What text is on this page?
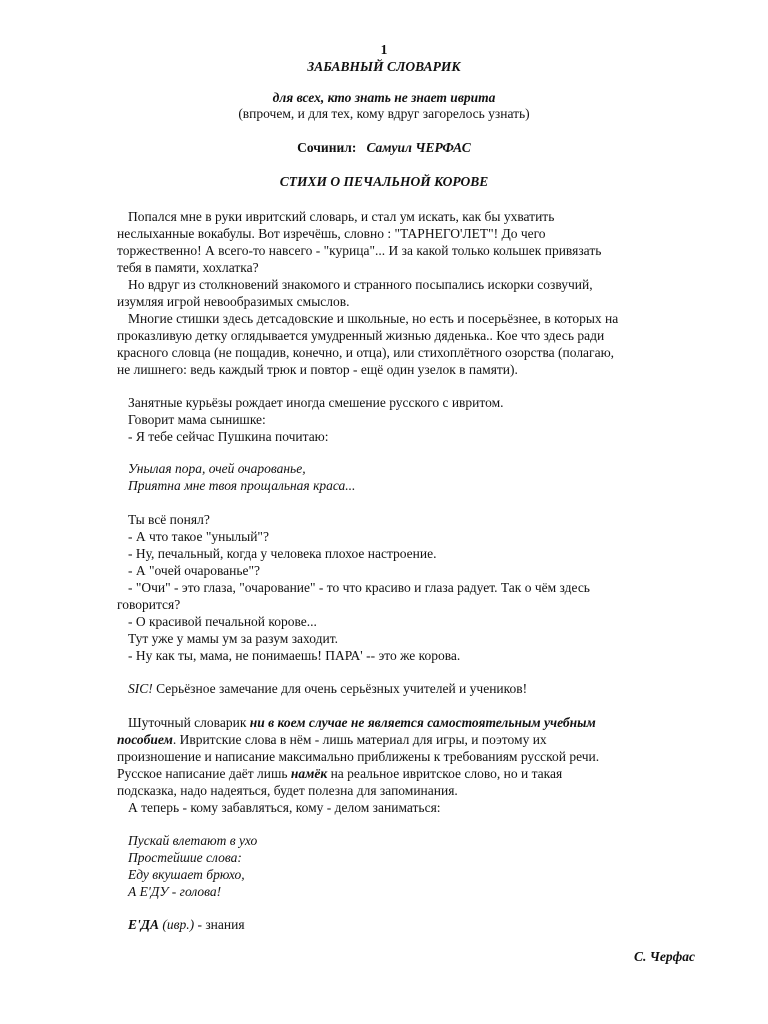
1
ЗАБАВНЫЙ СЛОВАРИК
для всех, кто знать не знает иврита
(впрочем, и для тех, кому вдруг загорелось узнать)
Сочинил: Самуил ЧЕРФАС
СТИХИ О ПЕЧАЛЬНОЙ КОРОВЕ
Попался мне в руки ивритский словарь, и стал ум искать, как бы ухватить
неслыханные вокабулы. Вот изречёшь, словно : "ТАРНЕГО'ЛЕТ"! До чего
торжественно! А всего-то навсего - "курица"... И за какой только кольшек привязать
тебя в памяти, хохлатка?
Но вдруг из столкновений знакомого и странного посыпались искорки созвучий,
изумляя игрой невообразимых смыслов.
Многие стишки здесь детсадовские и школьные, но есть и посерьёзнее, в которых на
проказливую детку оглядывается умудренный жизнью дяденька.. Кое что здесь ради
красного словца (не пощадив, конечно, и отца), или стихоплётного озорства (полагаю,
не лишнего: ведь каждый трюк и повтор - ещё один узелок в памяти).
Занятные курьёзы рождает иногда смешение русского с ивритом.
Говорит мама сынишке:
- Я тебе сейчас Пушкина почитаю:
Унылая пора, очей очарованье,
Приятна мне твоя прощальная краса...
Ты всё понял?
- А что такое "унылый"?
- Ну, печальный, когда у человека плохое настроение.
- А "очей очарованье"?
- "Очи" - это глаза, "очарование" - то что красиво и глаза радует. Так о чём здесь
говорится?
- О красивой печальной корове...
Тут уже у мамы ум за разум заходит.
- Ну как ты, мама, не понимаешь! ПАРА' -- это же корова.
SIC! Серьёзное замечание для очень серьёзных учителей и учеников!
Шуточный словарик ни в коем случае не является самостоятельным учебным
пособием. Ивритские слова в нём - лишь материал для игры, и поэтому их
произношение и написание максимально приближены к требованиям русской речи.
Русское написание даёт лишь намёк на реальное ивритское слово, но и такая
подсказка, надо надеяться, будет полезна для запоминания.
А теперь - кому забавляться, кому - делом заниматься:
Пускай влетают в ухо
Простейшие слова:
Еду вкушает брюхо,
А Е'ДУ - голова!
Е'ДА (ивр.) - знания
С. Черфас
